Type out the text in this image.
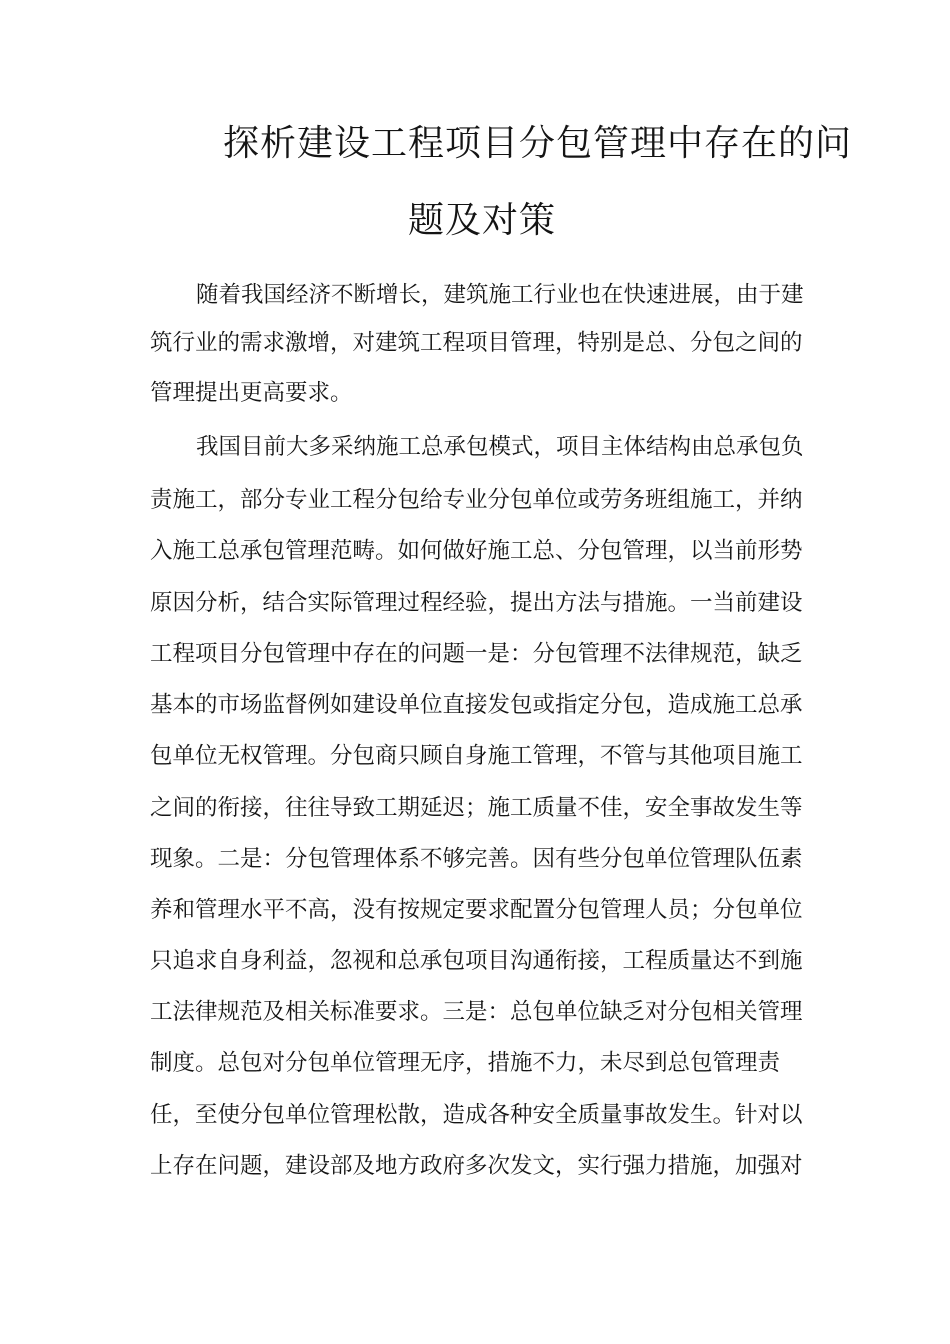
探析建设工程项目分包管理中存在的问
题及对策
随着我国经济不断增长，建筑施工行业也在快速进展，由于建
筑行业的需求激增，对建筑工程项目管理，特别是总、分包之间的
管理提出更高要求。
我国目前大多采纳施工总承包模式，项目主体结构由总承包负
责施工，部分专业工程分包给专业分包单位或劳务班组施工，并纳
入施工总承包管理范畴。如何做好施工总、分包管理，以当前形势
原因分析，结合实际管理过程经验，提出方法与措施。一当前建设
工程项目分包管理中存在的问题一是：分包管理不法律规范，缺乏
基本的市场监督例如建设单位直接发包或指定分包，造成施工总承
包单位无权管理。分包商只顾自身施工管理，不管与其他项目施工
之间的衔接，往往导致工期延迟；施工质量不佳，安全事故发生等
现象。二是：分包管理体系不够完善。因有些分包单位管理队伍素
养和管理水平不高，没有按规定要求配置分包管理人员；分包单位
只追求自身利益，忽视和总承包项目沟通衔接，工程质量达不到施
工法律规范及相关标准要求。三是：总包单位缺乏对分包相关管理
制度。总包对分包单位管理无序，措施不力，未尽到总包管理责
任，至使分包单位管理松散，造成各种安全质量事故发生。针对以
上存在问题，建设部及地方政府多次发文，实行强力措施，加强对
